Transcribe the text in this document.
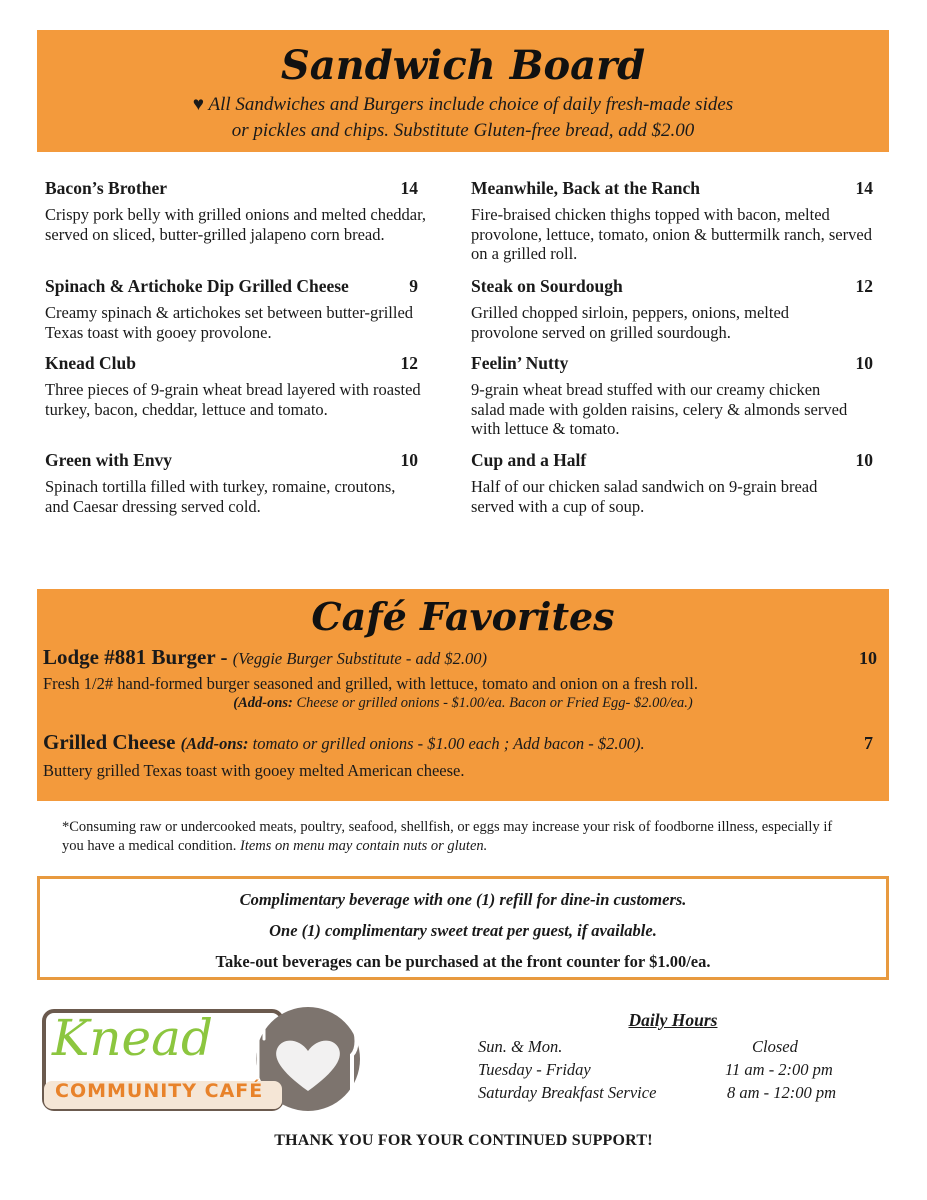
Sandwich Board
♥ All Sandwiches and Burgers include choice of daily fresh-made sides
or pickles and chips. Substitute Gluten-free bread, add $2.00
Bacon’s Brother	14
Crispy pork belly with grilled onions and melted cheddar, served on sliced, butter-grilled jalapeno corn bread.
Spinach & Artichoke Dip Grilled Cheese	9
Creamy spinach & artichokes set between butter-grilled Texas toast with gooey provolone.
Knead Club	12
Three pieces of 9-grain wheat bread layered with roasted turkey, bacon, cheddar, lettuce and tomato.
Green with Envy	10
Spinach tortilla filled with turkey, romaine, croutons, and Caesar dressing served cold.
Meanwhile, Back at the Ranch	14
Fire-braised chicken thighs topped with bacon, melted provolone, lettuce, tomato, onion & buttermilk ranch, served on a grilled roll.
Steak on Sourdough	12
Grilled chopped sirloin, peppers, onions, melted provolone served on grilled sourdough.
Feelin’ Nutty	10
9-grain wheat bread stuffed with our creamy chicken salad made with golden raisins, celery & almonds served with lettuce & tomato.
Cup and a Half	10
Half of our chicken salad sandwich on 9-grain bread served with a cup of soup.
Café Favorites
Lodge #881 Burger - (Veggie Burger Substitute - add $2.00)	10
Fresh 1/2# hand-formed burger seasoned and grilled, with lettuce, tomato and onion on a fresh roll.
(Add-ons: Cheese or grilled onions - $1.00/ea. Bacon or Fried Egg- $2.00/ea.)
Grilled Cheese (Add-ons: tomato or grilled onions - $1.00 each ; Add bacon - $2.00).	7
Buttery grilled Texas toast with gooey melted American cheese.
*Consuming raw or undercooked meats, poultry, seafood, shellfish, or eggs may increase your risk of foodborne illness, especially if you have a medical condition. Items on menu may contain nuts or gluten.
Complimentary beverage with one (1) refill for dine-in customers.
One (1) complimentary sweet treat per guest, if available.
Take-out beverages can be purchased at the front counter for $1.00/ea.
Knead
COMMUNITY CAFÉ
Daily Hours
Sun. & Mon.	Closed
Tuesday - Friday	11 am - 2:00 pm
Saturday Breakfast Service	8 am - 12:00 pm
THANK YOU FOR YOUR CONTINUED SUPPORT!
